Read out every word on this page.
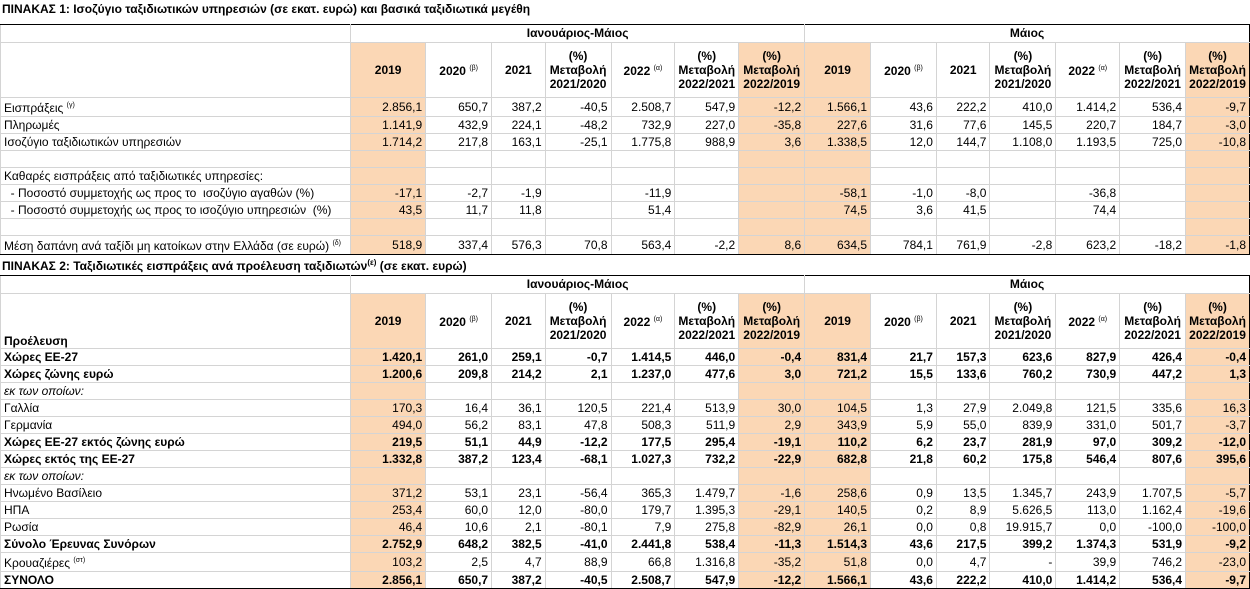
ΠΙΝΑΚΑΣ 1: Ισοζύγιο ταξιδιωτικών υπηρεσιών (σε εκατ. ευρώ) και βασικά ταξιδιωτικά μεγέθη
	Ιανουάριος-Μάιος							Μάιος						
	2019	2020 $^{(\beta)}$	2021	(%) Μεταβολή 2021/2020	2022 $^{(\alpha)}$	(%) Μεταβολή 2022/2021	(%) Μεταβολή 2022/2019	2019	2020 $^{(\beta)}$	2021	(%) Μεταβολή 2021/2020	2022 $^{(\alpha)}$	(%) Μεταβολή 2022/2021	(%) Μεταβολή 2022/2019
Εισπράξεις $^{(\gamma)}$	2.856,1	650,7	387,2	-40,5	2.508,7	547,9	-12,2	1.566,1	43,6	222,2	410,0	1.414,2	536,4	-9,7
Πληρωμές	1.141,9	432,9	224,1	-48,2	732,9	227,0	-35,8	227,6	31,6	77,6	145,5	220,7	184,7	-3,0
Ισοζύγιο ταξιδιωτικών υπηρεσιών	1.714,2	217,8	163,1	-25,1	1.775,8	988,9	3,6	1.338,5	12,0	144,7	1.108,0	1.193,5	725,0	-10,8

Καθαρές εισπράξεις από ταξιδιωτικές υπηρεσίες:														
- Ποσοστό συμμετοχής ως προς το  ισοζύγιο αγαθών (%)	-17,1	-2,7	-1,9		-11,9			-58,1	-1,0	-8,0		-36,8		
- Ποσοστό συμμετοχής ως προς το ισοζύγιο υπηρεσιών  (%)	43,5	11,7	11,8		51,4			74,5	3,6	41,5		74,4		

Μέση δαπάνη ανά ταξίδι μη κατοίκων στην Ελλάδα (σε ευρώ) $^{(\delta)}$	518,9	337,4	576,3	70,8	563,4	-2,2	8,6	634,5	784,1	761,9	-2,8	623,2	-18,2	-1,8
ΠΙΝΑΚΑΣ 2: Ταξιδιωτικές εισπράξεις ανά προέλευση ταξιδιωτών$^{(\varepsilon)}$ (σε εκατ. ευρώ)
	Ιανουάριος-Μάιος							Μάιος						
Προέλευση	2019	2020 $^{(\beta)}$	2021	(%) Μεταβολή 2021/2020	2022 $^{(\alpha)}$	(%) Μεταβολή 2022/2021	(%) Μεταβολή 2022/2019	2019	2020 $^{(\beta)}$	2021	(%) Μεταβολή 2021/2020	2022 $^{(\alpha)}$	(%) Μεταβολή 2022/2021	(%) Μεταβολή 2022/2019
Χώρες ΕΕ-27	1.420,1	261,0	259,1	-0,7	1.414,5	446,0	-0,4	831,4	21,7	157,3	623,6	827,9	426,4	-0,4
Χώρες ζώνης ευρώ	1.200,6	209,8	214,2	2,1	1.237,0	477,6	3,0	721,2	15,5	133,6	760,2	730,9	447,2	1,3
εκ των οποίων:														
Γαλλία	170,3	16,4	36,1	120,5	221,4	513,9	30,0	104,5	1,3	27,9	2.049,8	121,5	335,6	16,3
Γερμανία	494,0	56,2	83,1	47,8	508,3	511,9	2,9	343,9	5,9	55,0	839,9	331,0	501,7	-3,7
Χώρες ΕΕ-27 εκτός ζώνης ευρώ	219,5	51,1	44,9	-12,2	177,5	295,4	-19,1	110,2	6,2	23,7	281,9	97,0	309,2	-12,0
Χώρες εκτός της ΕΕ-27	1.332,8	387,2	123,4	-68,1	1.027,3	732,2	-22,9	682,8	21,8	60,2	175,8	546,4	807,6	395,6
εκ των οποίων:														
Ηνωμένο Βασίλειο	371,2	53,1	23,1	-56,4	365,3	1.479,7	-1,6	258,6	0,9	13,5	1.345,7	243,9	1.707,5	-5,7
ΗΠΑ	253,4	60,0	12,0	-80,0	179,7	1.395,3	-29,1	140,5	0,2	8,9	5.626,5	113,0	1.162,4	-19,6
Ρωσία	46,4	10,6	2,1	-80,1	7,9	275,8	-82,9	26,1	0,0	0,8	19.915,7	0,0	-100,0	-100,0
Σύνολο Έρευνας Συνόρων	2.752,9	648,2	382,5	-41,0	2.441,8	538,4	-11,3	1.514,3	43,6	217,5	399,2	1.374,3	531,9	-9,2
Κρουαζιέρες $^{(\sigma\tau)}$	103,2	2,5	4,7	88,9	66,8	1.316,8	-35,2	51,8	0,0	4,7	-	39,9	746,2	-23,0
ΣΥΝΟΛΟ	2.856,1	650,7	387,2	-40,5	2.508,7	547,9	-12,2	1.566,1	43,6	222,2	410,0	1.414,2	536,4	-9,7
